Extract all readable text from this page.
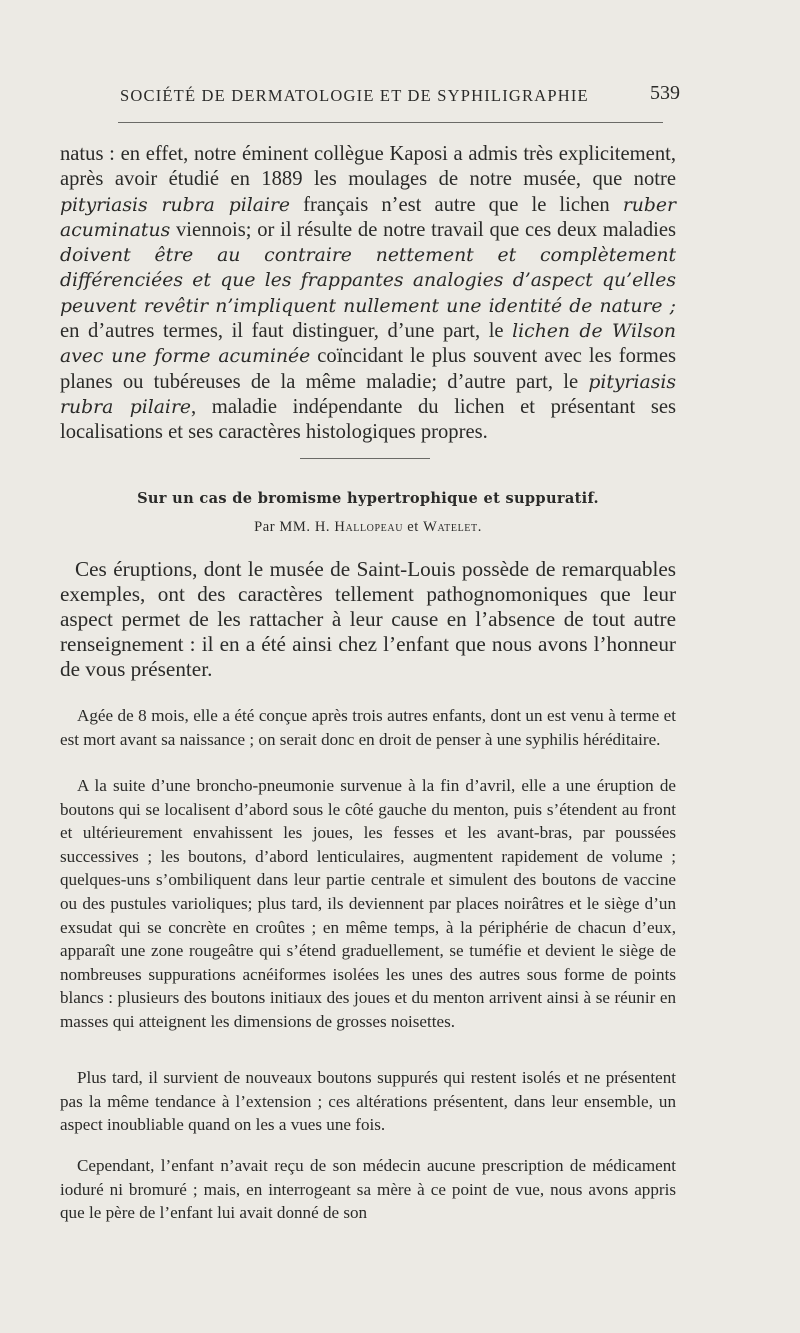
SOCIÉTÉ DE DERMATOLOGIE ET DE SYPHILIGRAPHIE	539
natus : en effet, notre éminent collègue Kaposi a admis très explicitement, après avoir étudié en 1889 les moulages de notre musée, que notre pityriasis rubra pilaire français n’est autre que le lichen ruber acuminatus viennois; or il résulte de notre travail que ces deux maladies doivent être au contraire nettement et complètement différenciées et que les frappantes analogies d’aspect qu’elles peuvent revêtir n’impliquent nullement une identité de nature ; en d’autres termes, il faut distinguer, d’une part, le lichen de Wilson avec une forme acuminée coïncidant le plus souvent avec les formes planes ou tubéreuses de la même maladie; d’autre part, le pityriasis rubra pilaire, maladie indépendante du lichen et présentant ses localisations et ses caractères histologiques propres.
Sur un cas de bromisme hypertrophique et suppuratif.
Par MM. H. Hallopeau et Watelet.

Ces éruptions, dont le musée de Saint-Louis possède de remarquables exemples, ont des caractères tellement pathognomoniques que leur aspect permet de les rattacher à leur cause en l’absence de tout autre renseignement : il en a été ainsi chez l’enfant que nous avons l’honneur de vous présenter.

Agée de 8 mois, elle a été conçue après trois autres enfants, dont un est venu à terme et est mort avant sa naissance ; on serait donc en droit de penser à une syphilis héréditaire.

A la suite d’une broncho-pneumonie survenue à la fin d’avril, elle a une éruption de boutons qui se localisent d’abord sous le côté gauche du menton, puis s’étendent au front et ultérieurement envahissent les joues, les fesses et les avant-bras, par poussées successives ; les boutons, d’abord lenticulaires, augmentent rapidement de volume ; quelques-uns s’ombiliquent dans leur partie centrale et simulent des boutons de vaccine ou des pustules varioliques; plus tard, ils deviennent par places noirâtres et le siège d’un exsudat qui se concrète en croûtes ; en même temps, à la périphérie de chacun d’eux, apparaît une zone rougeâtre qui s’étend graduellement, se tuméfie et devient le siège de nombreuses suppurations acnéiformes isolées les unes des autres sous forme de points blancs : plusieurs des boutons initiaux des joues et du menton arrivent ainsi à se réunir en masses qui atteignent les dimensions de grosses noisettes.

Plus tard, il survient de nouveaux boutons suppurés qui restent isolés et ne présentent pas la même tendance à l’extension ; ces altérations présentent, dans leur ensemble, un aspect inoubliable quand on les a vues une fois.

Cependant, l’enfant n’avait reçu de son médecin aucune prescription de médicament ioduré ni bromuré ; mais, en interrogeant sa mère à ce point de vue, nous avons appris que le père de l’enfant lui avait donné de son
